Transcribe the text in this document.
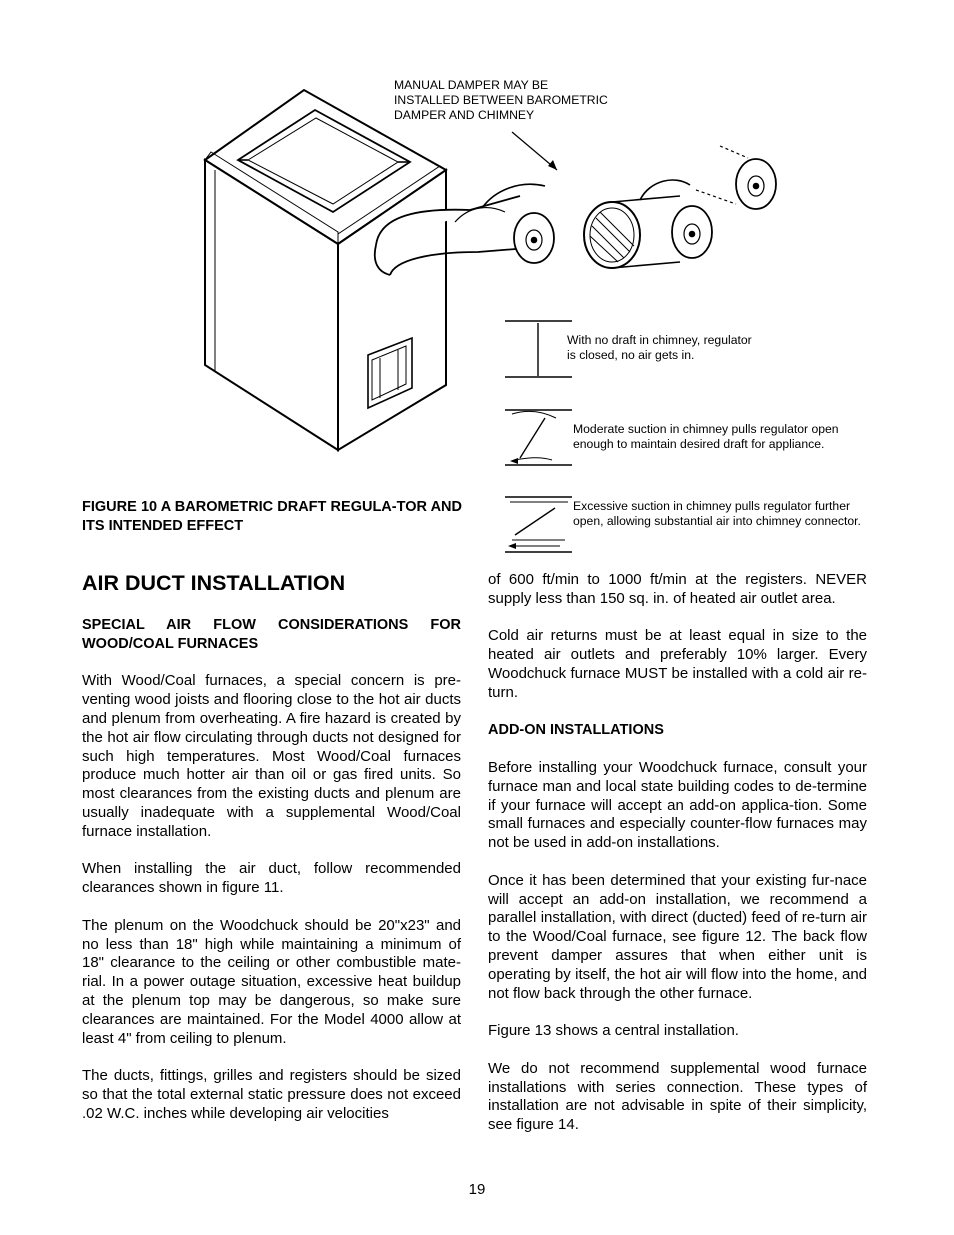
MANUAL DAMPER MAY BE
INSTALLED BETWEEN BAROMETRIC
DAMPER AND CHIMNEY
With no draft in chimney, regulator
is closed, no air gets in.
Moderate suction in chimney pulls regulator open
enough to maintain desired draft for appliance.
Excessive suction in chimney pulls regulator further
open, allowing substantial air into chimney connector.
FIGURE 10 A BAROMETRIC DRAFT REGULA-TOR AND ITS INTENDED EFFECT
AIR DUCT INSTALLATION
SPECIAL AIR FLOW CONSIDERATIONS FOR WOOD/COAL FURNACES

With Wood/Coal furnaces, a special concern is pre-venting wood joists and flooring close to the hot air ducts and plenum from overheating. A fire hazard is created by the hot air flow circulating through ducts not designed for such high temperatures. Most Wood/Coal furnaces produce much hotter air than oil or gas fired units. So most clearances from the existing ducts and plenum are usually inadequate with a supplemental Wood/Coal furnace installation.

When installing the air duct, follow recommended clearances shown in figure 11.

The plenum on the Woodchuck should be 20"x23" and no less than 18" high while maintaining a minimum of 18" clearance to the ceiling or other combustible mate-rial. In a power outage situation, excessive heat buildup at the plenum top may be dangerous, so make sure clearances are maintained. For the Model 4000 allow at least 4" from ceiling to plenum.

The ducts, fittings, grilles and registers should be sized so that the total external static pressure does not exceed .02 W.C. inches while developing air velocities

of 600 ft/min to 1000 ft/min at the registers. NEVER supply less than 150 sq. in. of heated air outlet area.

Cold air returns must be at least equal in size to the heated air outlets and preferably 10% larger. Every Woodchuck furnace MUST be installed with a cold air re-turn.

ADD-ON INSTALLATIONS

Before installing your Woodchuck furnace, consult your furnace man and local state building codes to de-termine if your furnace will accept an add-on applica-tion. Some small furnaces and especially counter-flow furnaces may not be used in add-on installations.

Once it has been determined that your existing fur-nace will accept an add-on installation, we recommend a parallel installation, with direct (ducted) feed of re-turn air to the Wood/Coal furnace, see figure 12. The back flow prevent damper assures that when either unit is operating by itself, the hot air will flow into the home, and not flow back through the other furnace.

Figure 13 shows a central installation.

We do not recommend supplemental wood furnace installations with series connection. These types of installation are not advisable in spite of their simplicity, see figure 14.

19
